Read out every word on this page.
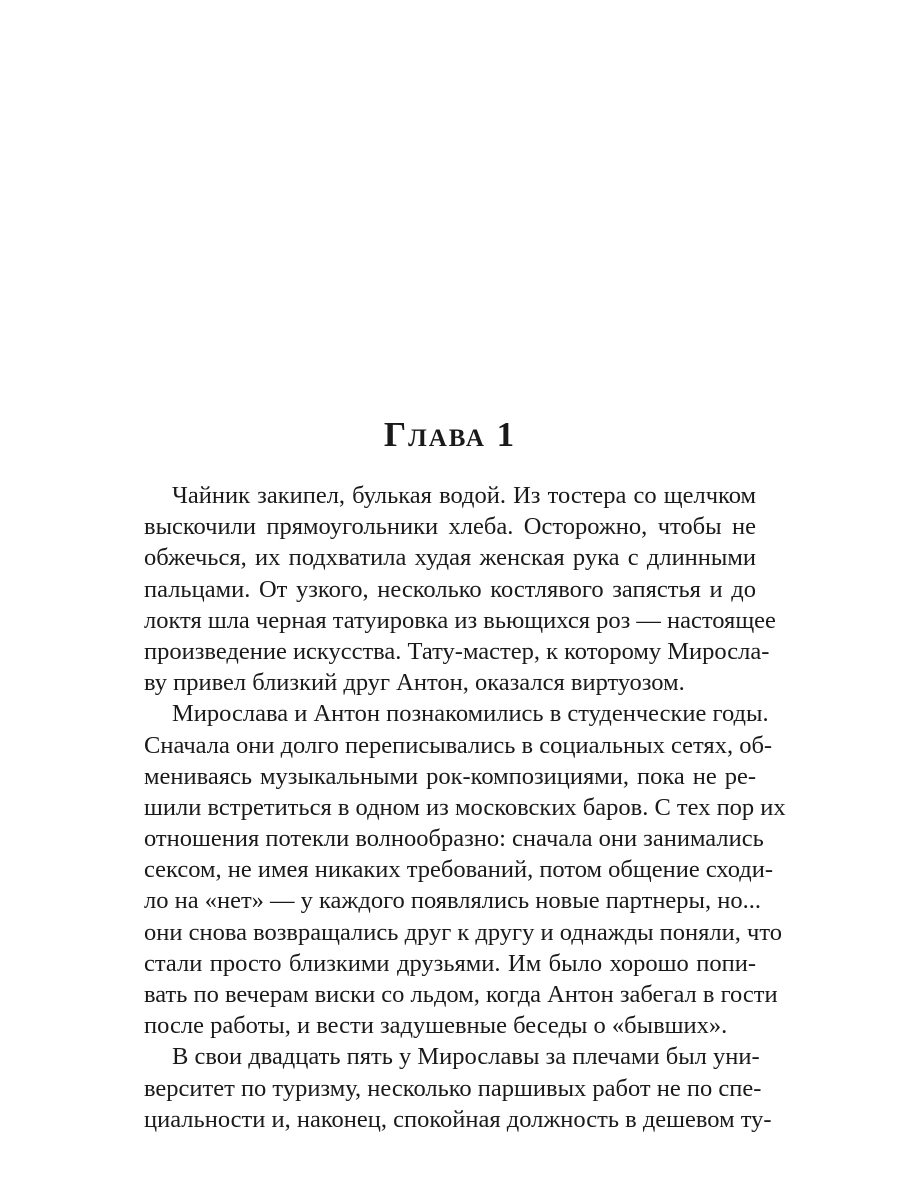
Глава 1
Чайник закипел, булькая водой. Из тостера со щелчком
выскочили прямоугольники хлеба. Осторожно, чтобы не
обжечься, их подхватила худая женская рука с длинными
пальцами. От узкого, несколько костлявого запястья и до
локтя шла черная татуировка из вьющихся роз — настоящее
произведение искусства. Тату-мастер, к которому Миросла-
ву привел близкий друг Антон, оказался виртуозом.
Мирослава и Антон познакомились в студенческие годы.
Сначала они долго переписывались в социальных сетях, об-
мениваясь музыкальными рок-композициями, пока не ре-
шили встретиться в одном из московских баров. С тех пор их
отношения потекли волнообразно: сначала они занимались
сексом, не имея никаких требований, потом общение сходи-
ло на «нет» — у каждого появлялись новые партнеры, но...
они снова возвращались друг к другу и однажды поняли, что
стали просто близкими друзьями. Им было хорошо попи-
вать по вечерам виски со льдом, когда Антон забегал в гости
после работы, и вести задушевные беседы о «бывших».
В свои двадцать пять у Мирославы за плечами был уни-
верситет по туризму, несколько паршивых работ не по спе-
циальности и, наконец, спокойная должность в дешевом ту-
